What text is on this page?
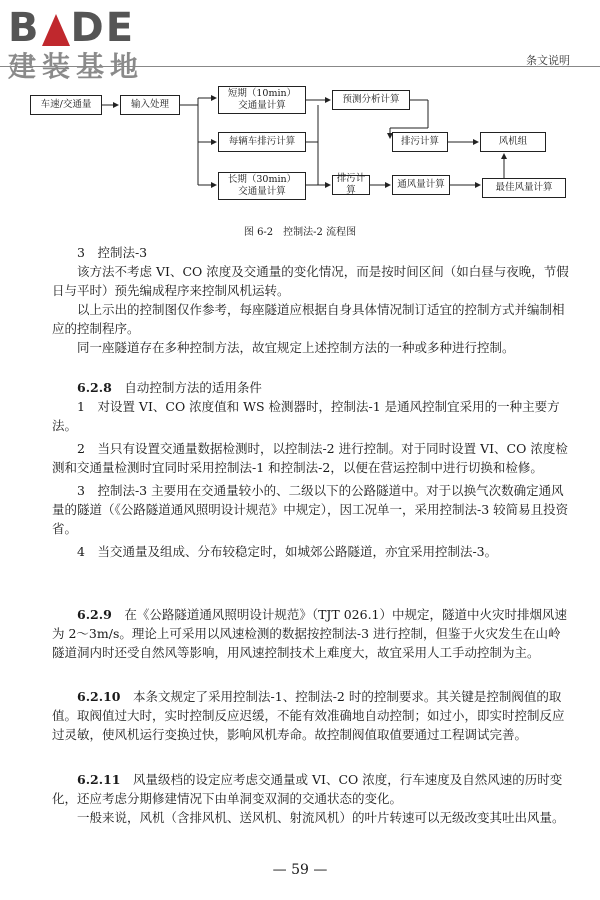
B DE
建装基地	条文说明
车速/交通量	输入处理
短期（10min）
交通量计算
每辆车排污计算
长期（30min）
交通量计算
预测分析计算
排污计算	风机组
排污计算
通风量计算	最佳风量计算
图 6-2　控制法-2 流程图

3　控制法-3

该方法不考虑 VI、CO 浓度及交通量的变化情况，而是按时间区间（如白昼与夜晚，节假日与平时）预先编成程序来控制风机运转。

以上示出的控制图仅作参考，每座隧道应根据自身具体情况制订适宜的控制方式并编制相应的控制程序。

同一座隧道存在多种控制方法，故宜规定上述控制方法的一种或多种进行控制。

6.2.8　 自动控制方法的适用条件

1　对设置 VI、CO 浓度值和 WS 检测器时，控制法-1 是通风控制宜采用的一种主要方法。

2　当只有设置交通量数据检测时，以控制法-2 进行控制。对于同时设置 VI、CO 浓度检测和交通量检测时宜同时采用控制法-1 和控制法-2，以便在营运控制中进行切换和检修。

3　控制法-3 主要用在交通量较小的、二级以下的公路隧道中。对于以换气次数确定通风量的隧道（《公路隧道通风照明设计规范》中规定），因工况单一，采用控制法-3 较简易且投资省。

4　当交通量及组成、分布较稳定时，如城郊公路隧道，亦宜采用控制法-3。

6.2.9　 在《公路隧道通风照明设计规范》（TJT 026.1）中规定，隧道中火灾时排烟风速为 2～3m/s。理论上可采用以风速检测的数据按控制法-3 进行控制，但鉴于火灾发生在山岭隧道洞内时还受自然风等影响，用风速控制技术上难度大，故宜采用人工手动控制为主。

6.2.10　 本条文规定了采用控制法-1、控制法-2 时的控制要求。其关键是控制阀值的取值。取阀值过大时，实时控制反应迟缓，不能有效准确地自动控制；如过小，即实时控制反应过灵敏，使风机运行变换过快，影响风机寿命。故控制阀值取值要通过工程调试完善。

6.2.11　 风量级档的设定应考虑交通量或 VI、CO 浓度，行车速度及自然风速的历时变化，还应考虑分期修建情况下由单洞变双洞的交通状态的变化。

一般来说，风机（含排风机、送风机、射流风机）的叶片转速可以无级改变其吐出风量。

— 59 —
